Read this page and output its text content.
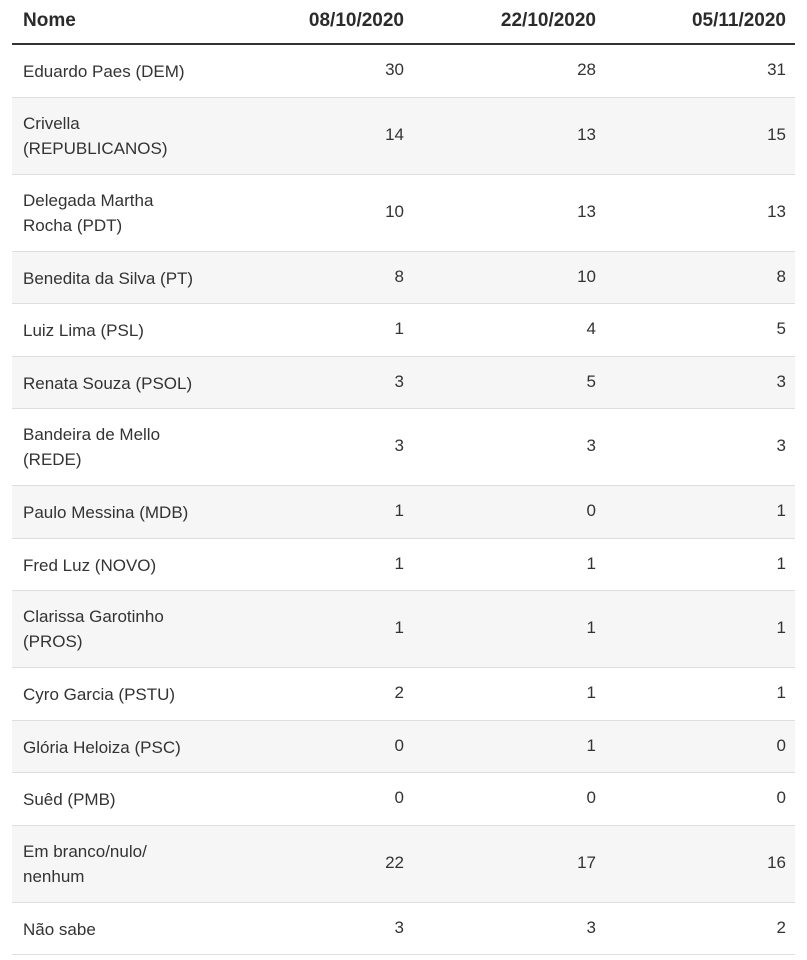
Nome	08/10/2020	22/10/2020	05/11/2020
Eduardo Paes (DEM)	30	28	31
Crivella
(REPUBLICANOS)
14	13	15
Delegada Martha
Rocha (PDT)
10	13	13
Benedita da Silva (PT)	8	10	8
Luiz Lima (PSL)	1	4	5
Renata Souza (PSOL)	3	5	3
Bandeira de Mello
(REDE)
3	3	3
Paulo Messina (MDB)	1	0	1
Fred Luz (NOVO)	1	1	1
Clarissa Garotinho
(PROS)
1	1	1
Cyro Garcia (PSTU)	2	1	1
Glória Heloiza (PSC)	0	1	0
Suêd (PMB)	0	0	0
Em branco/nulo/
nenhum
22	17	16
Não sabe	3	3	2
